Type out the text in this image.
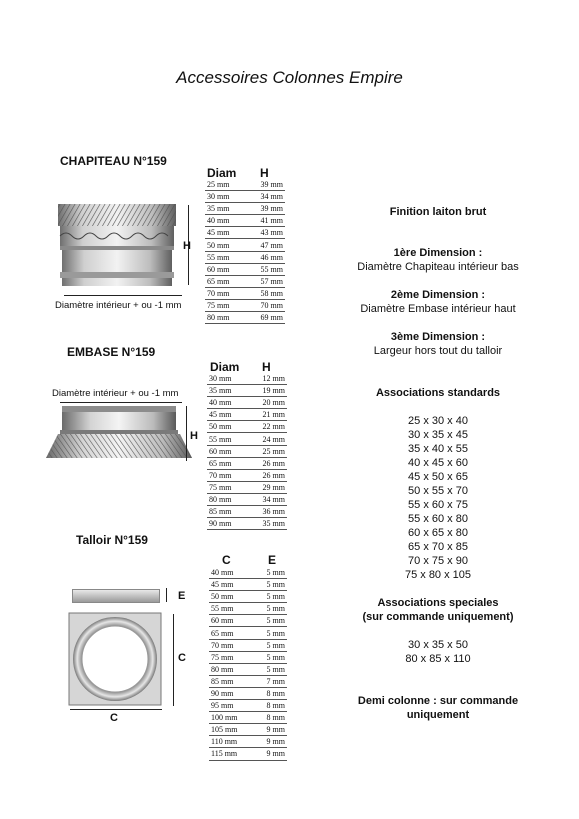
Accessoires Colonnes Empire
CHAPITEAU N°159
H
Diamètre intérieur + ou -1 mm
Diam H
25 mm	39 mm
30 mm	34 mm
35 mm	39 mm
40 mm	41 mm
45 mm	43 mm
50 mm	47 mm
55 mm	46 mm
60 mm	55 mm
65 mm	57 mm
70 mm	58 mm
75 mm	70 mm
80 mm	69 mm
EMBASE N°159
Diamètre intérieur + ou -1 mm
H
Diam H
30 mm	12 mm
35 mm	19 mm
40 mm	20 mm
45 mm	21 mm
50 mm	22 mm
55 mm	24 mm
60 mm	25 mm
65 mm	26 mm
70 mm	26 mm
75 mm	29 mm
80 mm	34 mm
85 mm	36 mm
90 mm	35 mm
Talloir N°159
E
C
C
C	E
40 mm	5 mm
45 mm	5 mm
50 mm	5 mm
55 mm	5 mm
60 mm	5 mm
65 mm	5 mm
70 mm	5 mm
75 mm	5 mm
80 mm	5 mm
85 mm	7 mm
90 mm	8 mm
95 mm	8 mm
100 mm	8 mm
105 mm	9 mm
110 mm	9 mm
115 mm	9 mm
Finition laiton brut
1ère Dimension :
Diamètre Chapiteau intérieur bas
2ème Dimension :
Diamètre Embase intérieur haut
3ème Dimension :
Largeur hors tout du talloir
Associations standards
25 x 30 x 40
30 x 35 x 45
35 x 40 x 55
40 x 45 x 60
45 x 50 x 65
50 x 55 x 70
55 x 60 x 75
55 x 60 x 80
60 x 65 x 80
65 x 70 x 85
70 x 75 x 90
75 x 80 x 105
Associations speciales
(sur commande uniquement)
30 x 35 x 50
80 x 85 x 110
Demi colonne : sur commande
uniquement
